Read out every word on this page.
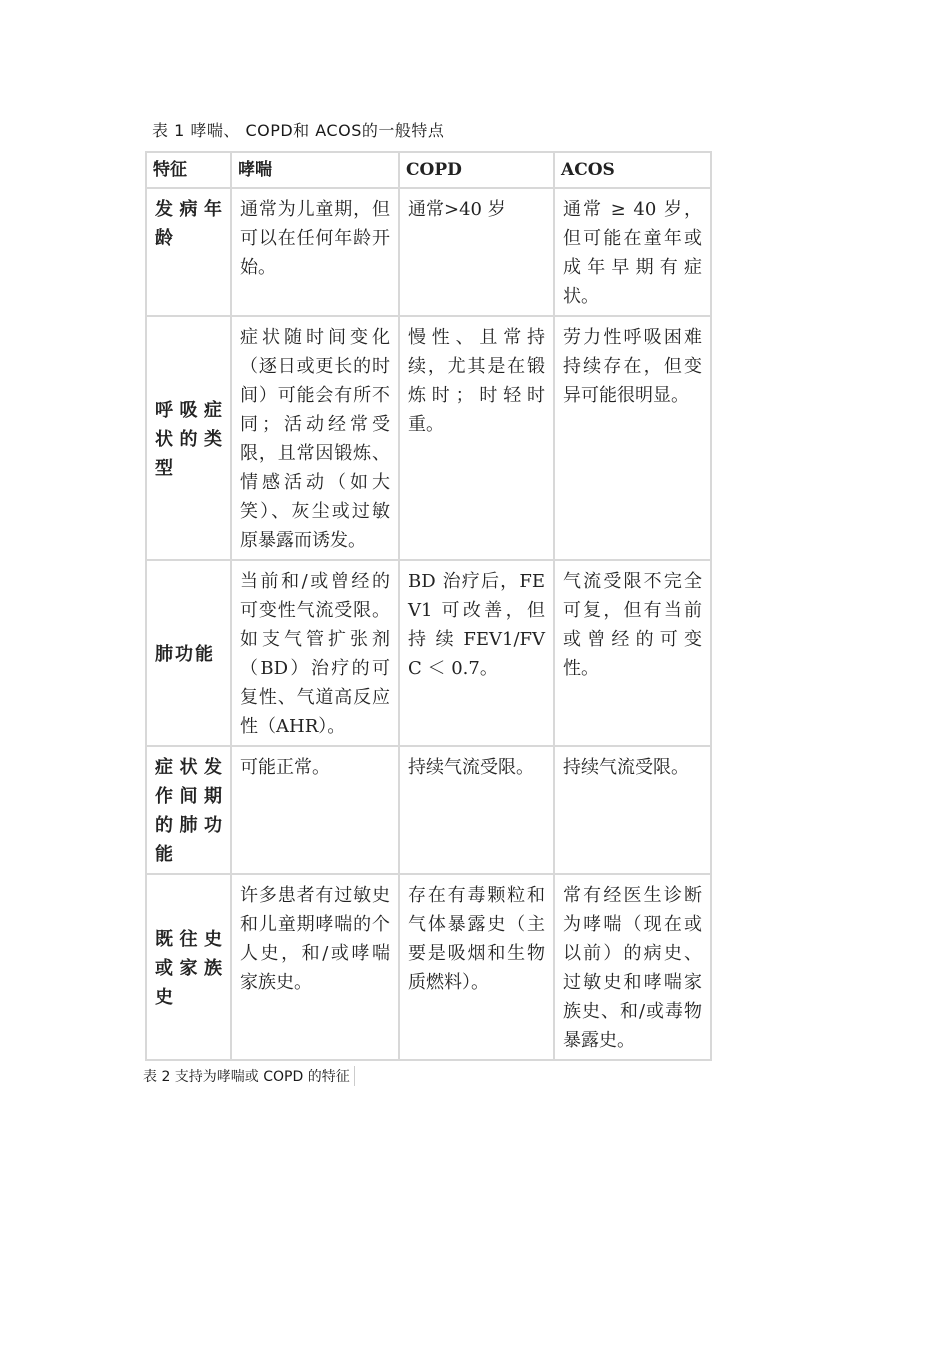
表 1 哮喘、 COPD和 ACOS的一般特点
特征	哮喘	COPD	ACOS
发病年龄	通常为儿童期，但可以在任何年龄开始。	通常>40 岁	通常 ≥ 40 岁，但可能在童年或成年早期有症状。
呼吸症状的类型	症状随时间变化（逐日或更长的时间）可能会有所不同；活动经常受限，且常因锻炼、情感活动（如大笑）、灰尘或过敏原暴露而诱发。	慢性、且常持续，尤其是在锻炼时；时轻时重。	劳力性呼吸困难持续存在，但变异可能很明显。
肺功能	当前和/或曾经的可变性气流受限。如支气管扩张剂（BD）治疗的可复性、气道高反应性（AHR）。	BD 治疗后，FEV1 可改善，但 持 续 FEV1/FVC ＜ 0.7。	气流受限不完全可复，但有当前或曾经的可变性。
症状发作间期的肺功能	可能正常。	持续气流受限。	持续气流受限。
既往史或家族史	许多患者有过敏史和儿童期哮喘的个人史，和/或哮喘家族史。	存在有毒颗粒和气体暴露史（主要是吸烟和生物质燃料）。	常有经医生诊断为哮喘（现在或以前）的病史、过敏史和哮喘家族史、和/或毒物暴露史。
表 2 支持为哮喘或 COPD 的特征
